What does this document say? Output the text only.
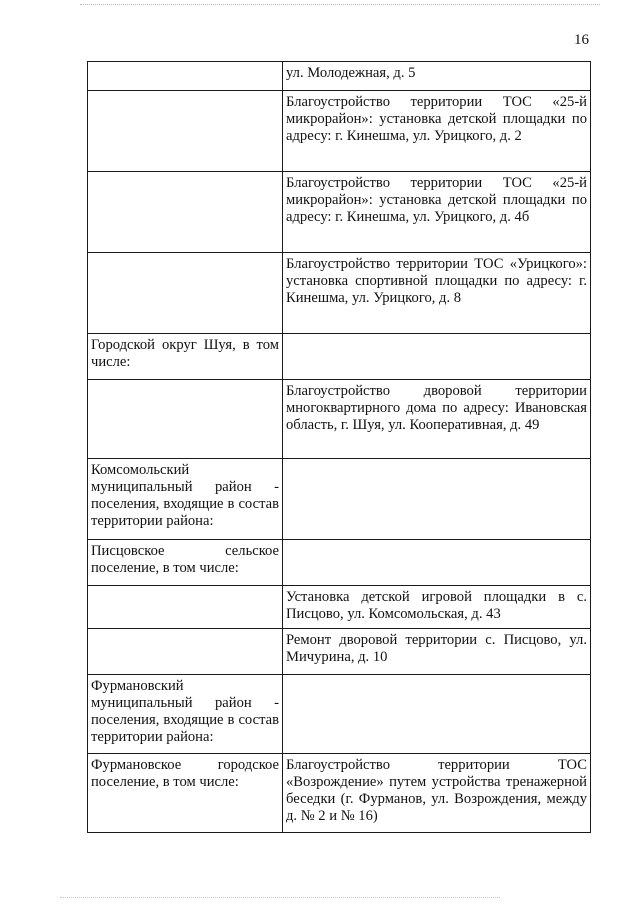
16
	ул. Молодежная, д. 5
	Благоустройство территории ТОС «25-й микрорайон»: установка детской площадки по адресу: г. Кинешма, ул. Урицкого, д. 2
	Благоустройство территории ТОС «25-й микрорайон»: установка детской площадки по адресу: г. Кинешма, ул. Урицкого, д. 4б
	Благоустройство территории ТОС «Урицкого»: установка спортивной площадки по адресу: г. Кинешма, ул. Урицкого, д. 8
Городской округ Шуя, в том числе:	
	Благоустройство дворовой территории многоквартирного дома по адресу: Ивановская область, г. Шуя, ул. Кооперативная, д. 49
Комсомольский муниципальный район - поселения, входящие в состав территории района:	
Писцовское сельское поселение, в том числе:	
	Установка детской игровой площадки в с. Писцово, ул. Комсомольская, д. 43
	Ремонт дворовой территории с. Писцово, ул. Мичурина, д. 10
Фурмановский муниципальный район - поселения, входящие в состав территории района:	
Фурмановское городское поселение, в том числе:	Благоустройство территории ТОС «Возрождение» путем устройства тренажерной беседки (г. Фурманов, ул. Возрождения, между д. № 2 и № 16)
